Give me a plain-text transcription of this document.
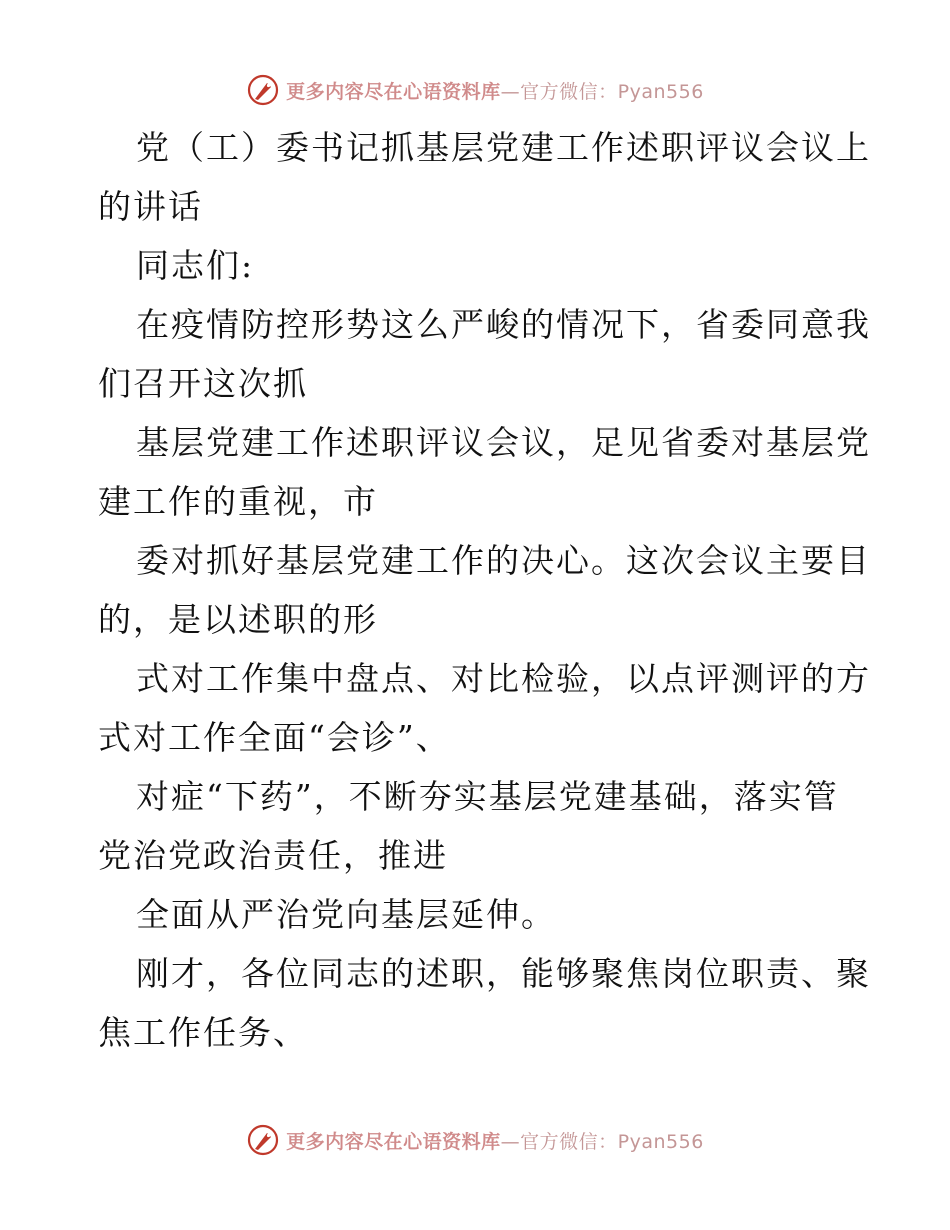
更多内容尽在心语资料库—官方微信：Pyan556
党（工）委书记抓基层党建工作述职评议会议上
的讲话
同志们:
在疫情防控形势这么严峻的情况下，省委同意我
们召开这次抓
基层党建工作述职评议会议，足见省委对基层党
建工作的重视，市
委对抓好基层党建工作的决心。这次会议主要目
的，是以述职的形
式对工作集中盘点、对比检验，以点评测评的方
式对工作全面“会诊”、
对症“下药”，不断夯实基层党建基础，落实管
党治党政治责任，推进
全面从严治党向基层延伸。
刚才，各位同志的述职，能够聚焦岗位职责、聚
焦工作任务、
更多内容尽在心语资料库—官方微信：Pyan556
